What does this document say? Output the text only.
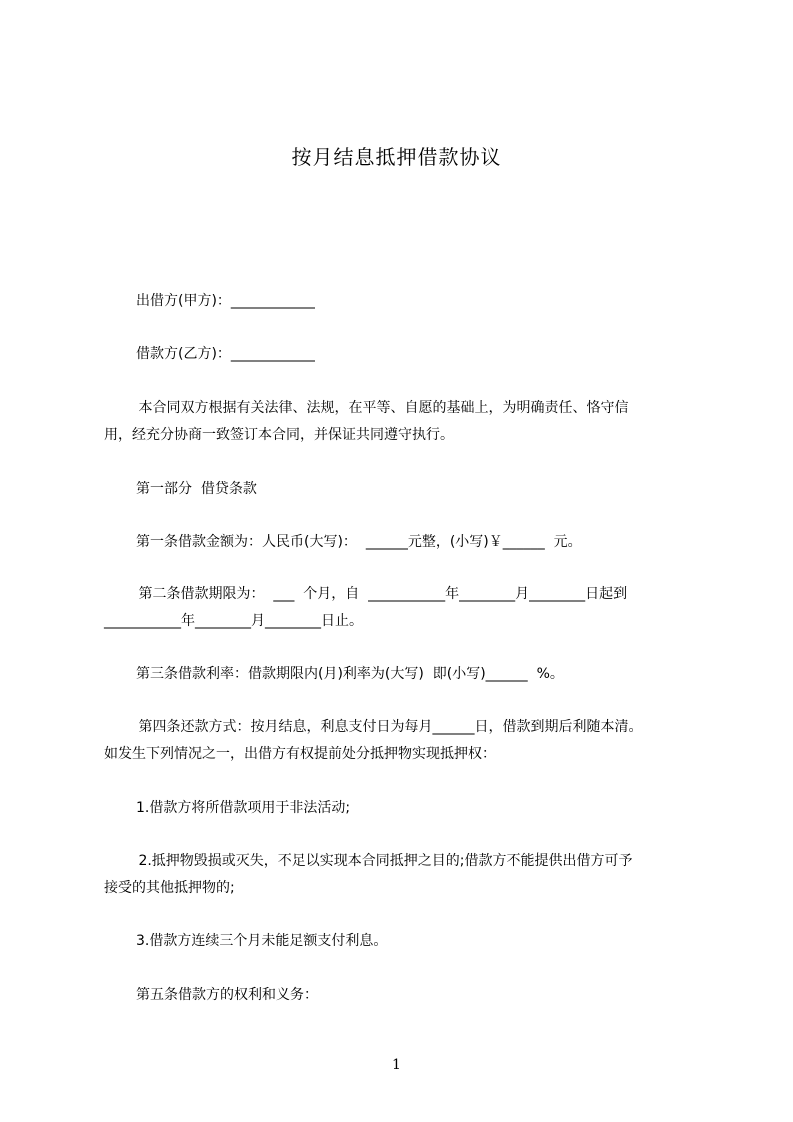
按月结息抵押借款协议
出借方(甲方)：____________
借款方(乙方)：____________
本合同双方根据有关法律、法规，在平等、自愿的基础上，为明确责任、恪守信
用，经充分协商一致签订本合同，并保证共同遵守执行。
第一部分  借贷条款
第一条借款金额为：人民币(大写)：  ______元整，(小写)￥______  元。
第二条借款期限为：  ___  个月，自  ___________年________月________日起到
___________年________月________日止。
第三条借款利率：借款期限内(月)利率为(大写)  即(小写)______  %。
第四条还款方式：按月结息，利息支付日为每月______日，借款到期后利随本清。
如发生下列情况之一，出借方有权提前处分抵押物实现抵押权：
1.借款方将所借款项用于非法活动;
2.抵押物毁损或灭失，不足以实现本合同抵押之目的;借款方不能提供出借方可予
接受的其他抵押物的;
3.借款方连续三个月未能足额支付利息。
第五条借款方的权利和义务：
1
